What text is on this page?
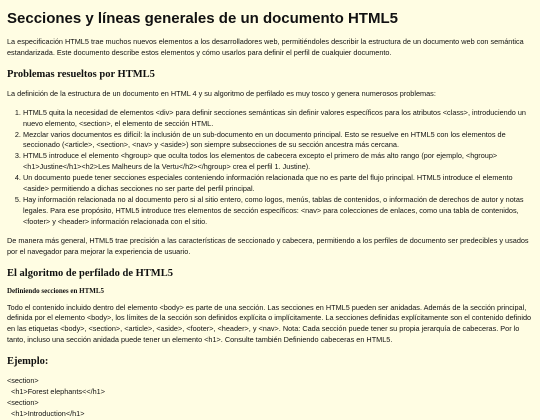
Secciones y líneas generales de un documento HTML5

La especificación HTML5 trae muchos nuevos elementos a los desarrolladores web, permitiéndoles describir la estructura de un documento web con semántica estandarizada. Este documento describe estos elementos y cómo usarlos para definir el perfil de cualquier documento.

Problemas resueltos por HTML5

La definición de la estructura de un documento en HTML 4 y su algoritmo de perfilado es muy tosco y genera numerosos problemas:

1. HTML5 quita la necesidad de elementos <div> para definir secciones semánticas sin definir valores específicos para los atributos <class>, introduciendo un nuevo elemento, <section>, el elemento de sección HTML.
2. Mezclar varios documentos es difícil: la inclusión de un sub-documento en un documento principal. Esto se resuelve en HTML5 con los elementos de seccionado (<article>, <section>, <nav> y <aside>) son siempre subsecciones de su sección ancestra más cercana.
3. HTML5 introduce el elemento <hgroup> que oculta todos los elementos de cabecera excepto el primero de más alto rango (por ejemplo, <hgroup><h1>Justine</h1><h2>Les Malheurs de la Vertu</h2></hgroup> crea el perfil 1. Justine).
4. Un documento puede tener secciones especiales conteniendo información relacionada que no es parte del flujo principal. HTML5 introduce el elemento <aside> permitiendo a dichas secciones no ser parte del perfil principal.
5. Hay información relacionada no al documento pero si al sitio entero, como logos, menús, tablas de contenidos, o información de derechos de autor y notas legales. Para ese propósito, HTML5 introduce tres elementos de sección específicos: <nav> para colecciones de enlaces, como una tabla de contenidos, <footer> y <header> información relacionada con el sitio.

De manera más general, HTML5 trae precisión a las características de seccionado y cabecera, permitiendo a los perfiles de documento ser predecibles y usados por el navegador para mejorar la experiencia de usuario.

El algoritmo de perfilado de HTML5
Definiendo secciones en HTML5

Todo el contenido incluido dentro del elemento <body> es parte de una sección. Las secciones en HTML5 pueden ser anidadas. Además de la sección principal, definida por el elemento <body>, los límites de la sección son definidos explícita o implícitamente. La secciones definidas explícitamente son el contenido definido en las etiquetas <body>, <section>, <article>, <aside>, <footer>, <header>, y <nav>. Nota: Cada sección puede tener su propia jerarquía de cabeceras. Por lo tanto, incluso una sección anidada puede tener un elemento <h1>. Consulte también Definiendo cabeceras en HTML5.

Ejemplo:
<section>
<h1>Forest elephants<</h1>
<section>
<h1>Introduction</h1>
